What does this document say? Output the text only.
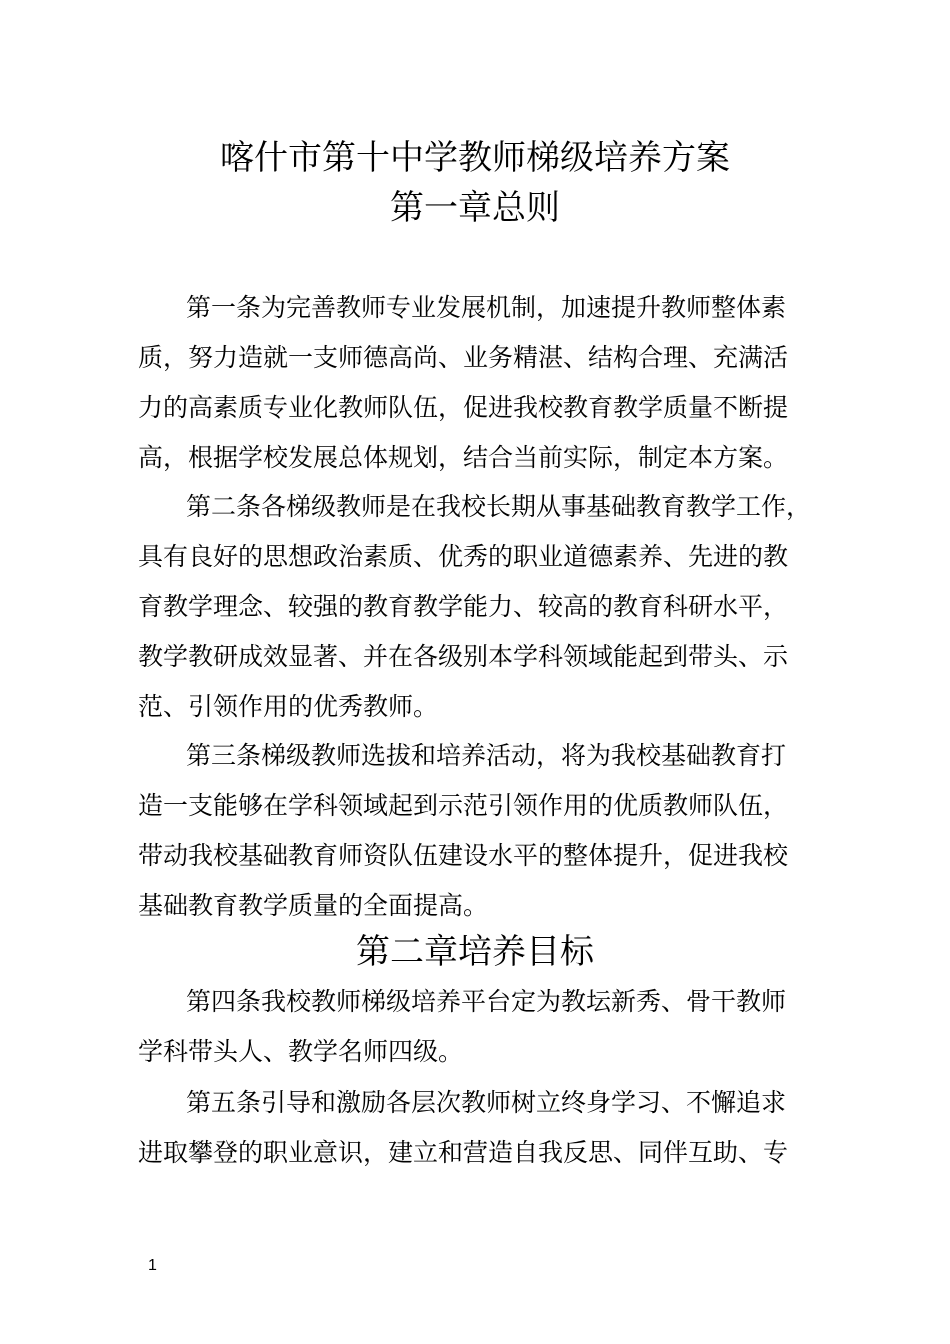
喀什市第十中学教师梯级培养方案
第一章总则
第一条为完善教师专业发展机制，加速提升教师整体素
质，努力造就一支师德高尚、业务精湛、结构合理、充满活
力的高素质专业化教师队伍，促进我校教育教学质量不断提
高，根据学校发展总体规划，结合当前实际，制定本方案。
第二条各梯级教师是在我校长期从事基础教育教学工作，
具有良好的思想政治素质、优秀的职业道德素养、先进的教
育教学理念、较强的教育教学能力、较高的教育科研水平，
教学教研成效显著、并在各级别本学科领域能起到带头、示
范、引领作用的优秀教师。
第三条梯级教师选拔和培养活动，将为我校基础教育打
造一支能够在学科领域起到示范引领作用的优质教师队伍，
带动我校基础教育师资队伍建设水平的整体提升，促进我校
基础教育教学质量的全面提高。
第二章培养目标
第四条我校教师梯级培养平台定为教坛新秀、骨干教师
学科带头人、教学名师四级。
第五条引导和激励各层次教师树立终身学习、不懈追求
进取攀登的职业意识，建立和营造自我反思、同伴互助、专
1
